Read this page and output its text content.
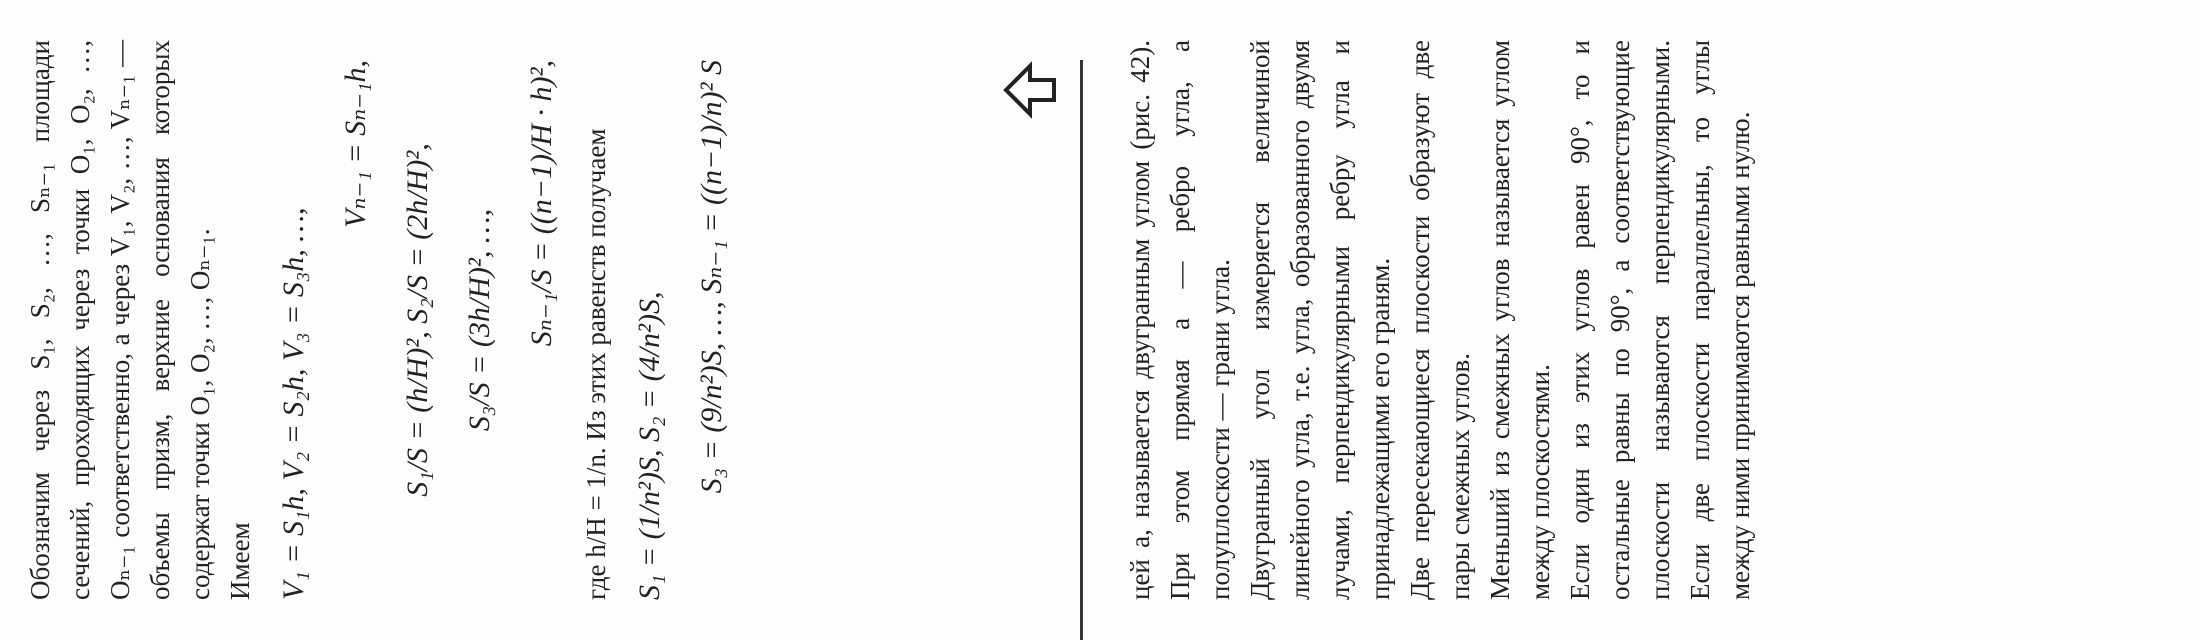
Обозначим через S₁, S₂, …, Sₙ₋₁ площади сечений, проходящих через точки O₁, O₂, …, Oₙ₋₁ соответственно, а через V₁, V₂, …, Vₙ₋₁ — объемы призм, верхние основания которых содержат точки O₁, O₂, …, Oₙ₋₁. Имеем V₁ = S₁h, V₂ = S₂h, V₃ = S₃h, …,
Vₙ₋₁ = Sₙ₋₁h, S₁/S = (h/H)², S₂/S = (2h/H)², S₃/S = (3h/H)², …, Sₙ₋₁/S = ((n−1)/H · h)², где h/H = 1/n. Из этих равенств получаем S₁ = (1/n²)S, S₂ = (4/n²)S, S₃ = (9/n²)S, …, Sₙ₋₁ = ((n−1)/n)² S	цей a, называется двугранным углом (рис. 42). При этом прямая a — ребро угла, а полуплоскости — грани угла. Двугранный угол измеряется величиной линейного угла, т.е. угла, образованного двумя лучами, перпендикулярными ребру угла и принадлежащими его граням. Две пересекающиеся плоскости образуют две пары смежных углов. Меньший из смежных углов называется углом между плоскостями. Если один из этих углов равен 90°, то и остальные равны по 90°, а соответствующие плоскости называются перпендикулярными. Если две плоскости параллельны, то углы между ними принимаются равными нулю.
